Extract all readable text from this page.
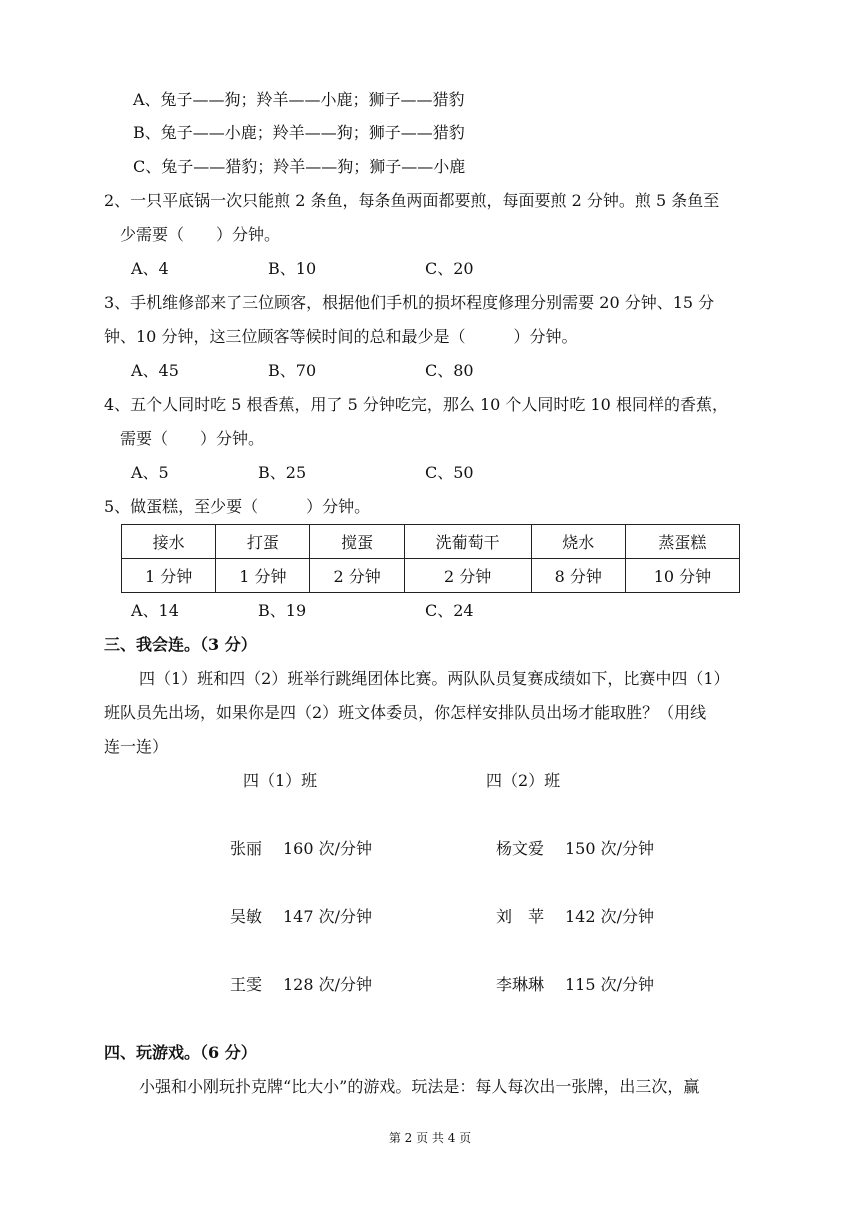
A、兔子——狗；羚羊——小鹿；狮子——猎豹
B、兔子——小鹿；羚羊——狗；狮子——猎豹
C、兔子——猎豹；羚羊——狗；狮子——小鹿
2、一只平底锅一次只能煎 2 条鱼，每条鱼两面都要煎，每面要煎 2 分钟。煎 5 条鱼至
少需要（　　）分钟。

A、4

	B、10

	C、20

3、手机维修部来了三位顾客，根据他们手机的损坏程度修理分别需要 20 分钟、15 分
钟、10 分钟，这三位顾客等候时间的总和最少是（　　　）分钟。

A、45

	B、70

	C、80

4、五个人同时吃 5 根香蕉，用了 5 分钟吃完，那么 10 个人同时吃 10 根同样的香蕉，
需要（　　）分钟。

A、5

	B、25

	C、50

5、做蛋糕，至少要（　　　）分钟。
接水	打蛋	搅蛋	洗葡萄干	烧水	蒸蛋糕
1 分钟	1 分钟	2 分钟	2 分钟	8 分钟	10 分钟

A、14

	B、19

	C、24

三、我会连。（3 分）
四（1）班和四（2）班举行跳绳团体比赛。两队队员复赛成绩如下，比赛中四（1）
班队员先出场，如果你是四（2）班文体委员，你怎样安排队员出场才能取胜？（用线
连一连）
四（1）班	四（2）班
张丽 160 次/分钟
吴敏 147 次/分钟
王雯 128 次/分钟
杨文爱 150 次/分钟
刘　苹 142 次/分钟
李琳琳 115 次/分钟
四、玩游戏。（6 分）
小强和小刚玩扑克牌“比大小”的游戏。玩法是：每人每次出一张牌，出三次，赢
第 2 页 共 4 页
